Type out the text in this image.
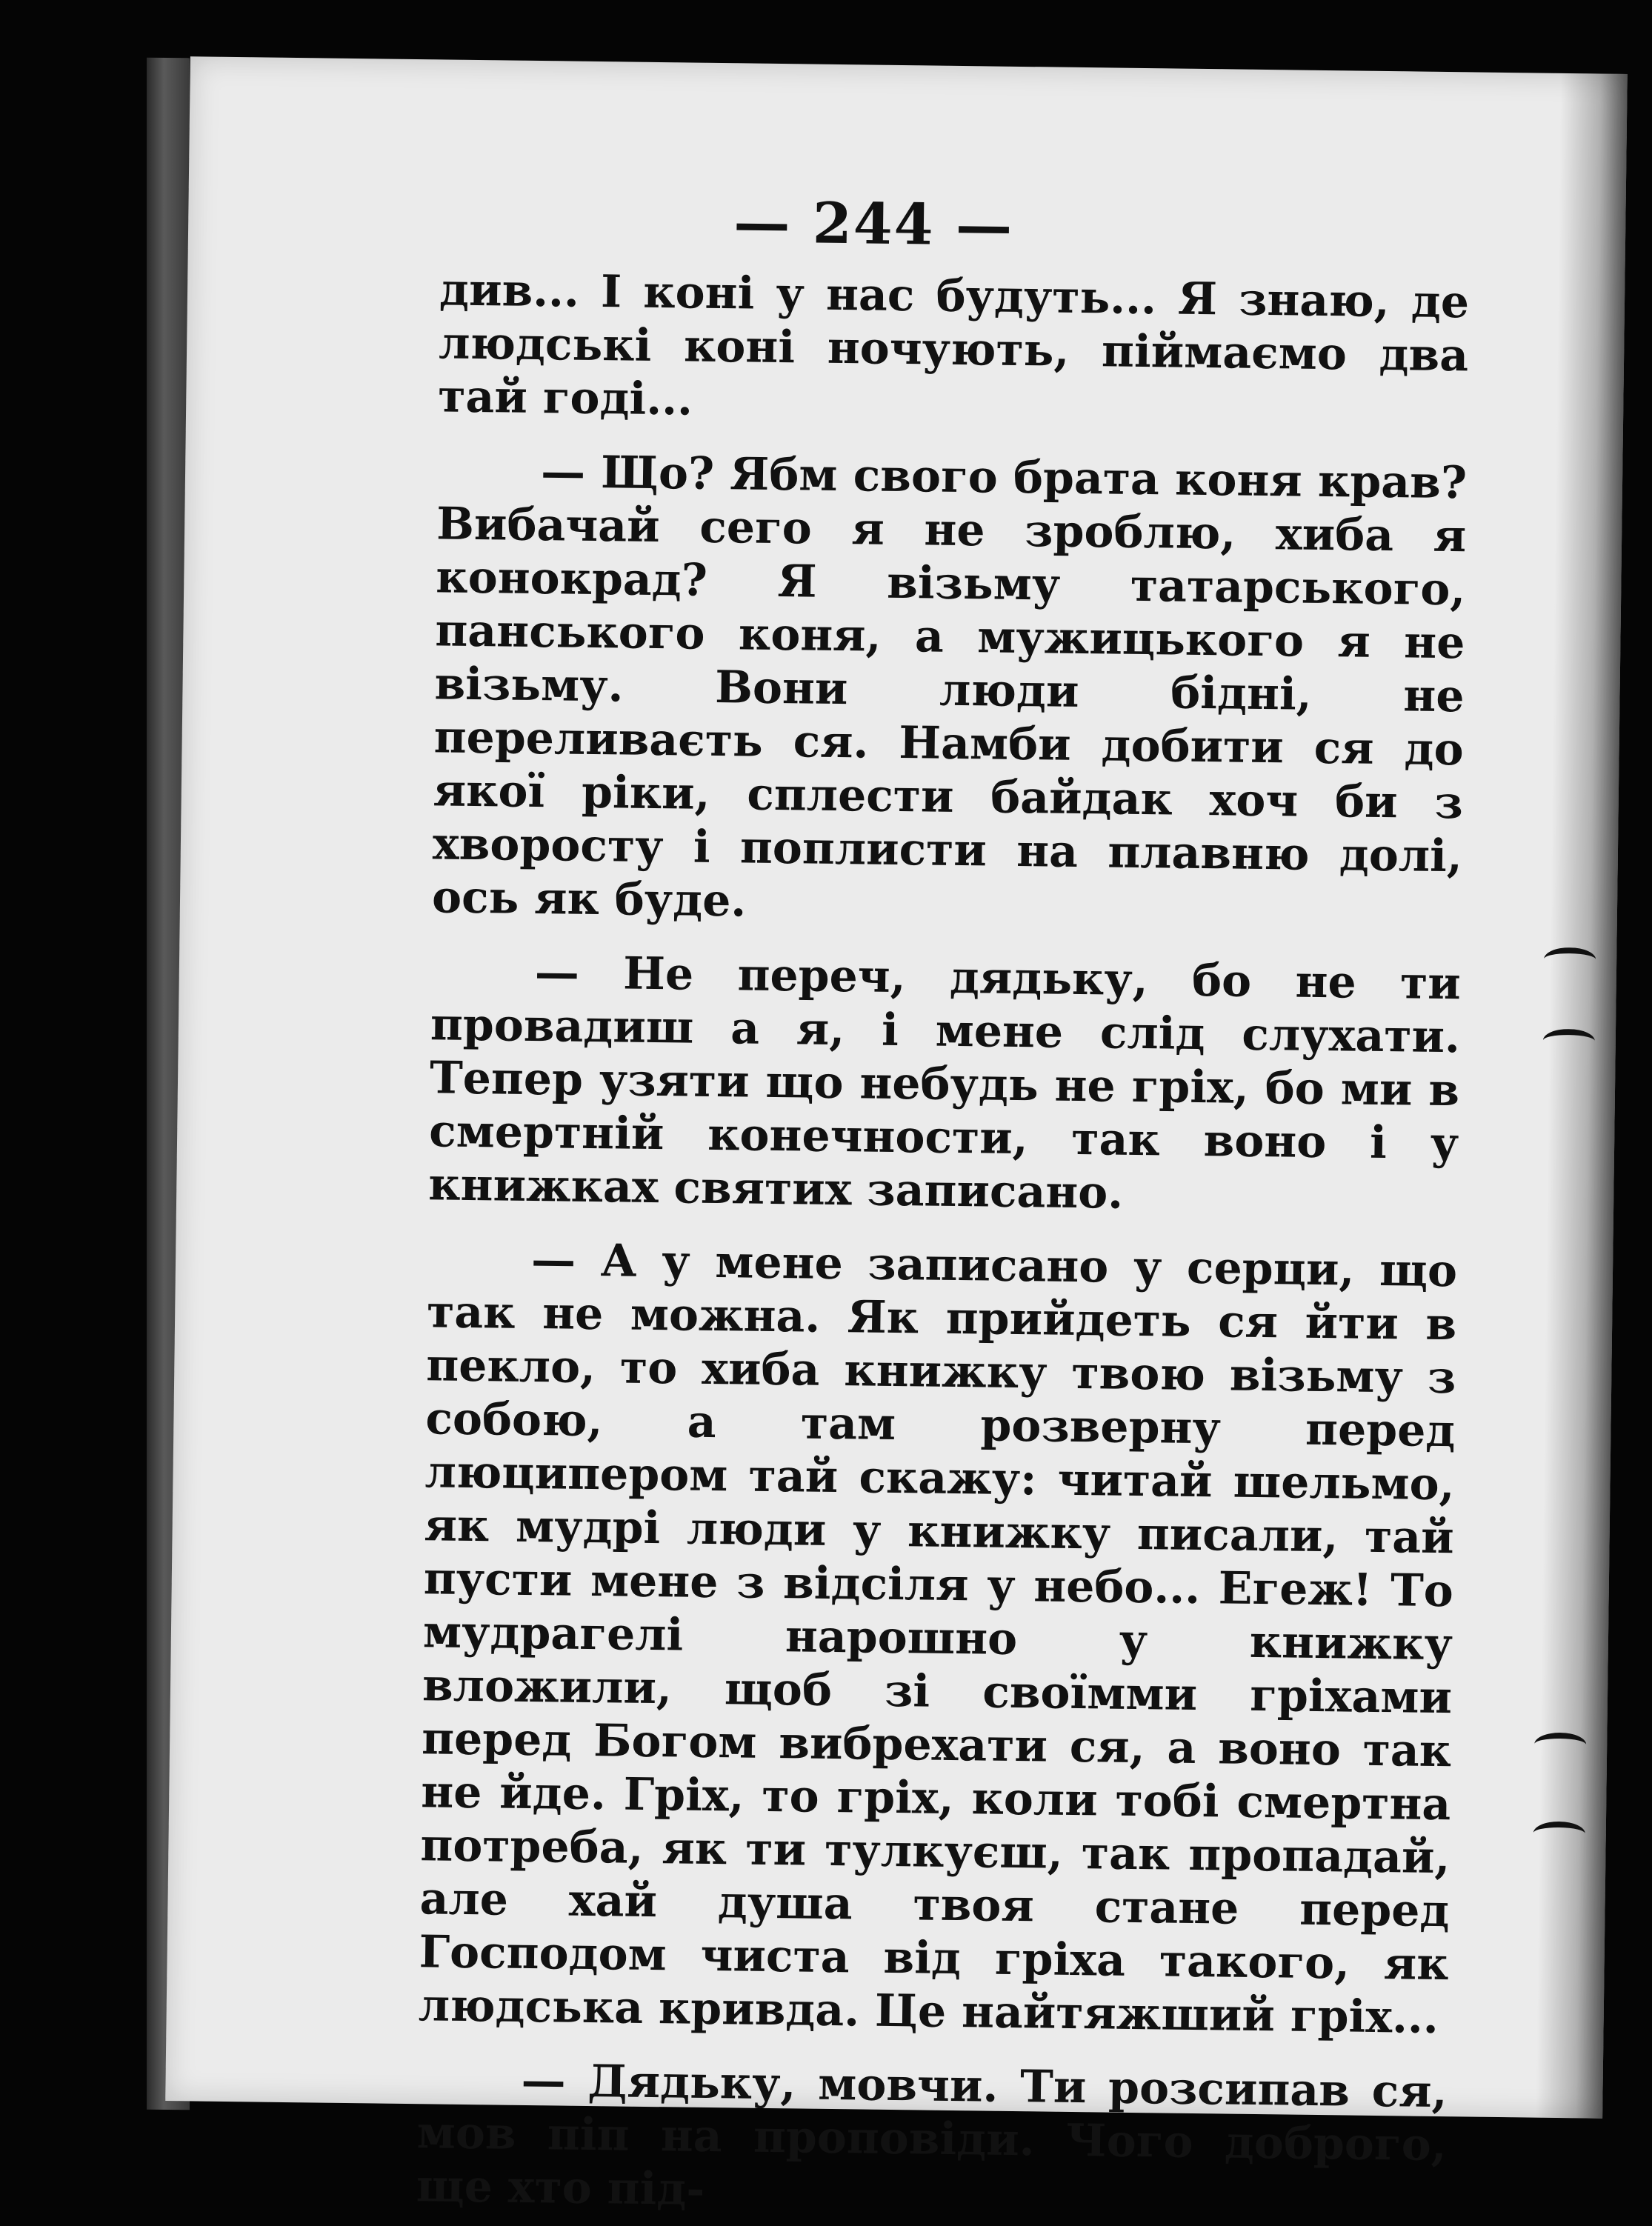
— 244 —

див... І коні у нас будуть... Я знаю, де людські коні ночують, піймаємо два тай годі...

— Що? Ябм свого брата коня крав? Вибачай сего я не зроблю, хиба я конокрад? Я візьму татарського, панського коня, а мужицького я не візьму. Вони люди бідні, не переливаєть ся. Намби добити ся до якої ріки, сплести байдак хоч би з хворосту і поплисти на плавню долі, ось як буде.

— Не переч, дядьку, бо не ти провадиш а я, і мене слід слухати. Тепер узяти що небудь не гріх, бо ми в смертній конечности, так воно і у книжках святих записано.

— А у мене записано у серци, що так не можна. Як прийдеть ся йти в пекло, то хиба книжку твою візьму з собою, а там розверну перед люципером тай скажу: читай шельмо, як мудрі люди у книжку писали, тай пусти мене з відсіля у небо... Егеж! То мудрагелі нарошно у книжку вложили, щоб зі своїмми гріхами перед Богом вибрехати ся, а воно так не йде. Гріх, то гріх, коли тобі смертна потреба, як ти тулкуєш, так пропадай, але хай душа твоя стане перед Господом чиста від гріха такого, як людська кривда. Це найтяжший гріх...

— Дядьку, мовчи. Ти розсипав ся, мов піп на проповіди. Чого доброго, ще хто під-
